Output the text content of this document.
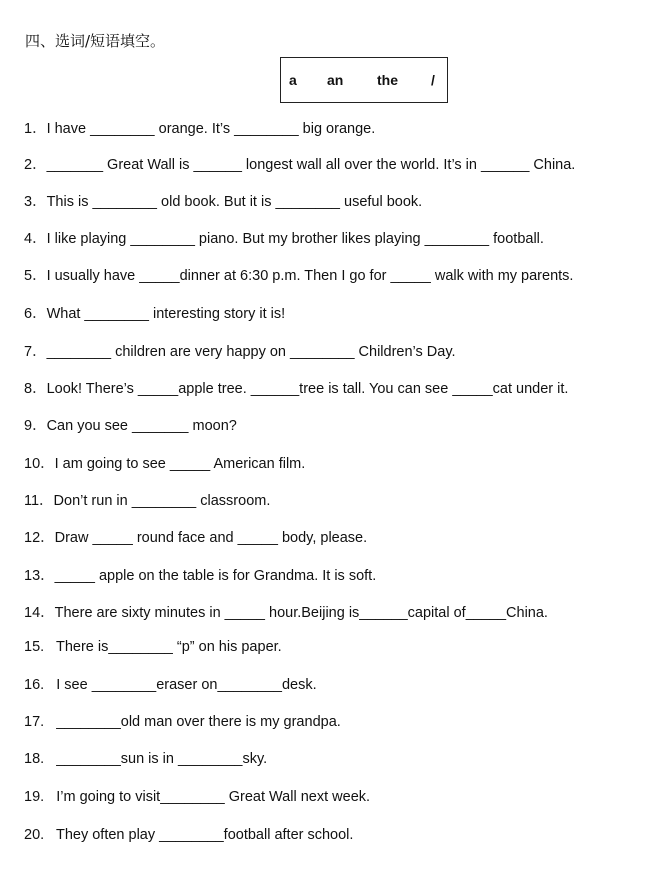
四、选词/短语填空。
a an the /
1．I have ________ orange. It’s ________ big orange.
2．_______ Great Wall is ______ longest wall all over the world. It’s in ______ China.
3．This is ________ old book. But it is ________ useful book.
4．I like playing ________ piano. But my brother likes playing ________ football.
5．I usually have _____dinner at 6:30 p.m. Then I go for _____ walk with my parents.
6．What ________ interesting story it is!
7．________ children are very happy on ________ Children’s Day.
8．Look! There’s _____apple tree. ______tree is tall. You can see _____cat under it.
9．Can you see _______ moon?
10．I am going to see _____ American film.
11．Don’t run in ________ classroom.
12．Draw _____ round face and _____ body, please.
13．_____ apple on the table is for Grandma. It is soft.
14．There are sixty minutes in _____ hour.Beijing is______capital of_____China.
15.   There is________ “p” on his paper.
16.   I see ________eraser on________desk.
17.   ________old man over there is my grandpa.
18.   ________sun is in ________sky.
19.   I’m going to visit________ Great Wall next week.
20.   They often play ________football after school.
